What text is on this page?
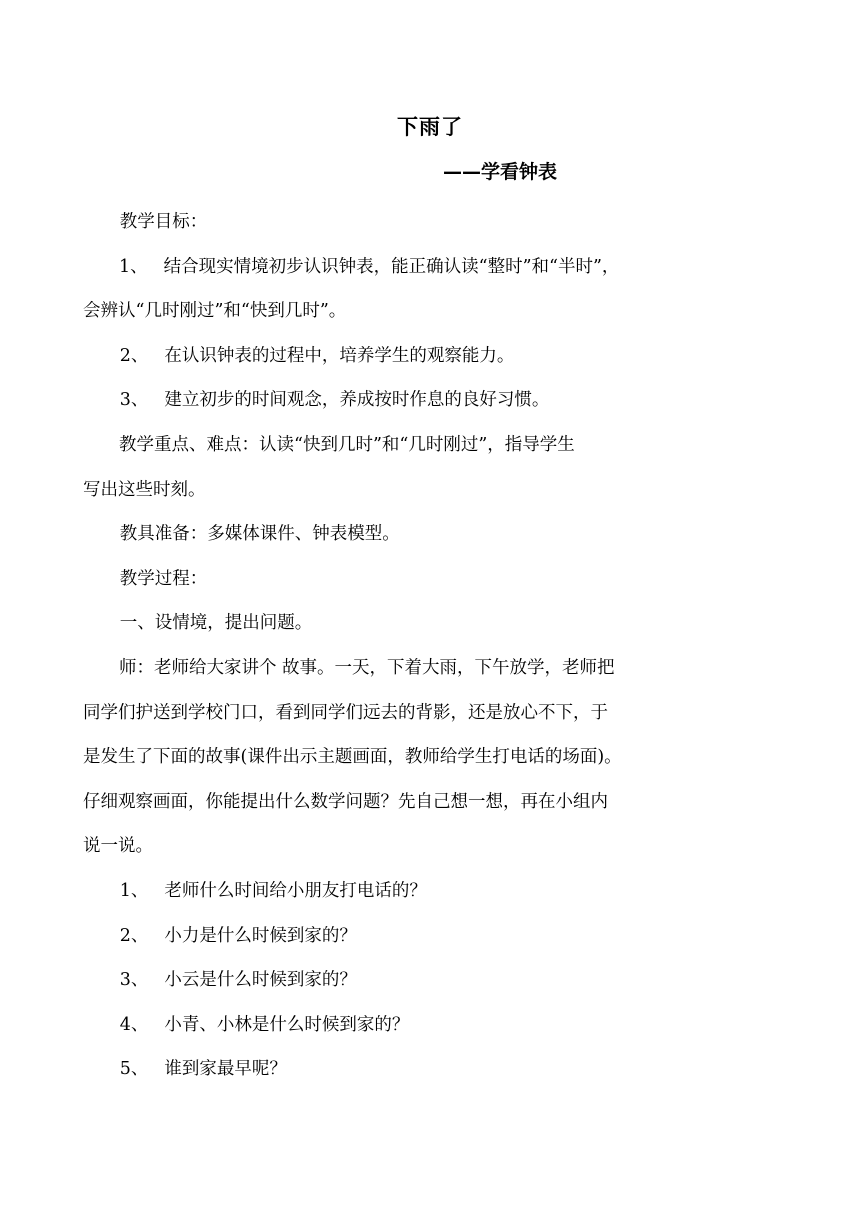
下雨了
——学看钟表

教学目标：

1、 结合现实情境初步认识钟表，能正确认读“整时”和“半时”，
会辨认“几时刚过”和“快到几时”。

2、 在认识钟表的过程中，培养学生的观察能力。

3、 建立初步的时间观念，养成按时作息的良好习惯。

教学重点、难点：认读“快到几时”和“几时刚过”，指导学生
写出这些时刻。

教具准备：多媒体课件、钟表模型。

教学过程：

一、设情境，提出问题。

师：老师给大家讲个 故事。一天，下着大雨，下午放学，老师把
同学们护送到学校门口，看到同学们远去的背影，还是放心不下，于
是发生了下面的故事(课件出示主题画面，教师给学生打电话的场面)。
仔细观察画面，你能提出什么数学问题？先自己想一想，再在小组内
说一说。

1、 老师什么时间给小朋友打电话的？

2、 小力是什么时候到家的？

3、 小云是什么时候到家的？

4、 小青、小林是什么时候到家的？

5、 谁到家最早呢？
